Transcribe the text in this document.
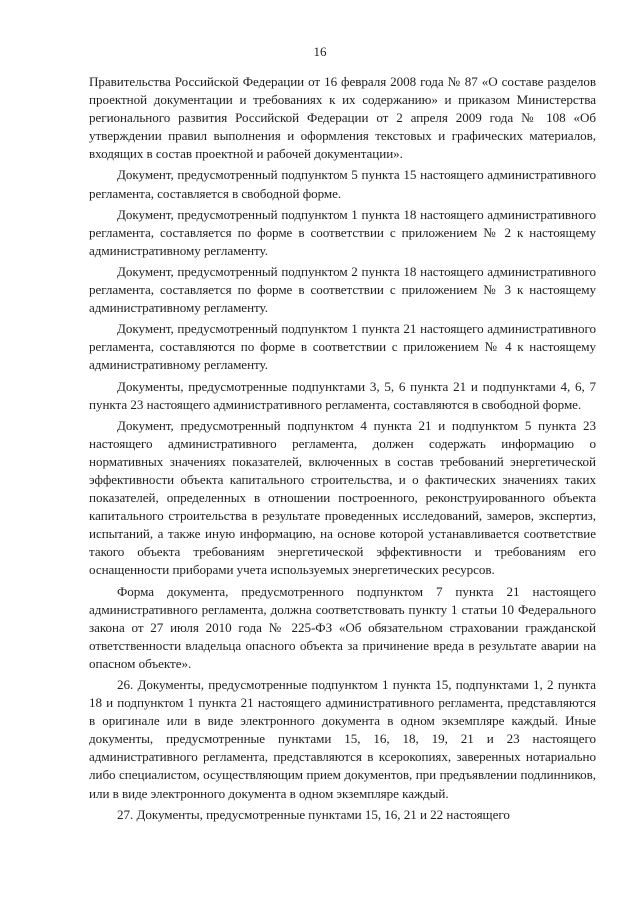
16

Правительства Российской Федерации от 16 февраля 2008 года № 87 «О составе разделов проектной документации и требованиях к их содержанию» и приказом Министерства регионального развития Российской Федерации от 2 апреля 2009 года № 108 «Об утверждении правил выполнения и оформления текстовых и графических материалов, входящих в состав проектной и рабочей документации».

Документ, предусмотренный подпунктом 5 пункта 15 настоящего административного регламента, составляется в свободной форме.

Документ, предусмотренный подпунктом 1 пункта 18 настоящего административного регламента, составляется по форме в соответствии с приложением № 2 к настоящему административному регламенту.

Документ, предусмотренный подпунктом 2 пункта 18 настоящего административного регламента, составляется по форме в соответствии с приложением № 3 к настоящему административному регламенту.

Документ, предусмотренный подпунктом 1 пункта 21 настоящего административного регламента, составляются по форме в соответствии с приложением № 4 к настоящему административному регламенту.

Документы, предусмотренные подпунктами 3, 5, 6 пункта 21 и подпунктами 4, 6, 7 пункта 23 настоящего административного регламента, составляются в свободной форме.

Документ, предусмотренный подпунктом 4 пункта 21 и подпунктом 5 пункта 23 настоящего административного регламента, должен содержать информацию о нормативных значениях показателей, включенных в состав требований энергетической эффективности объекта капитального строительства, и о фактических значениях таких показателей, определенных в отношении построенного, реконструированного объекта капитального строительства в результате проведенных исследований, замеров, экспертиз, испытаний, а также иную информацию, на основе которой устанавливается соответствие такого объекта требованиям энергетической эффективности и требованиям его оснащенности приборами учета используемых энергетических ресурсов.

Форма документа, предусмотренного подпунктом 7 пункта 21 настоящего административного регламента, должна соответствовать пункту 1 статьи 10 Федерального закона от 27 июля 2010 года № 225-ФЗ «Об обязательном страховании гражданской ответственности владельца опасного объекта за причинение вреда в результате аварии на опасном объекте».

26. Документы, предусмотренные подпунктом 1 пункта 15, подпунктами 1, 2 пункта 18 и подпунктом 1 пункта 21 настоящего административного регламента, представляются в оригинале или в виде электронного документа в одном экземпляре каждый. Иные документы, предусмотренные пунктами 15, 16, 18, 19, 21 и 23 настоящего административного регламента, представляются в ксерокопиях, заверенных нотариально либо специалистом, осуществляющим прием документов, при предъявлении подлинников, или в виде электронного документа в одном экземпляре каждый.

27. Документы, предусмотренные пунктами 15, 16, 21 и 22 настоящего
